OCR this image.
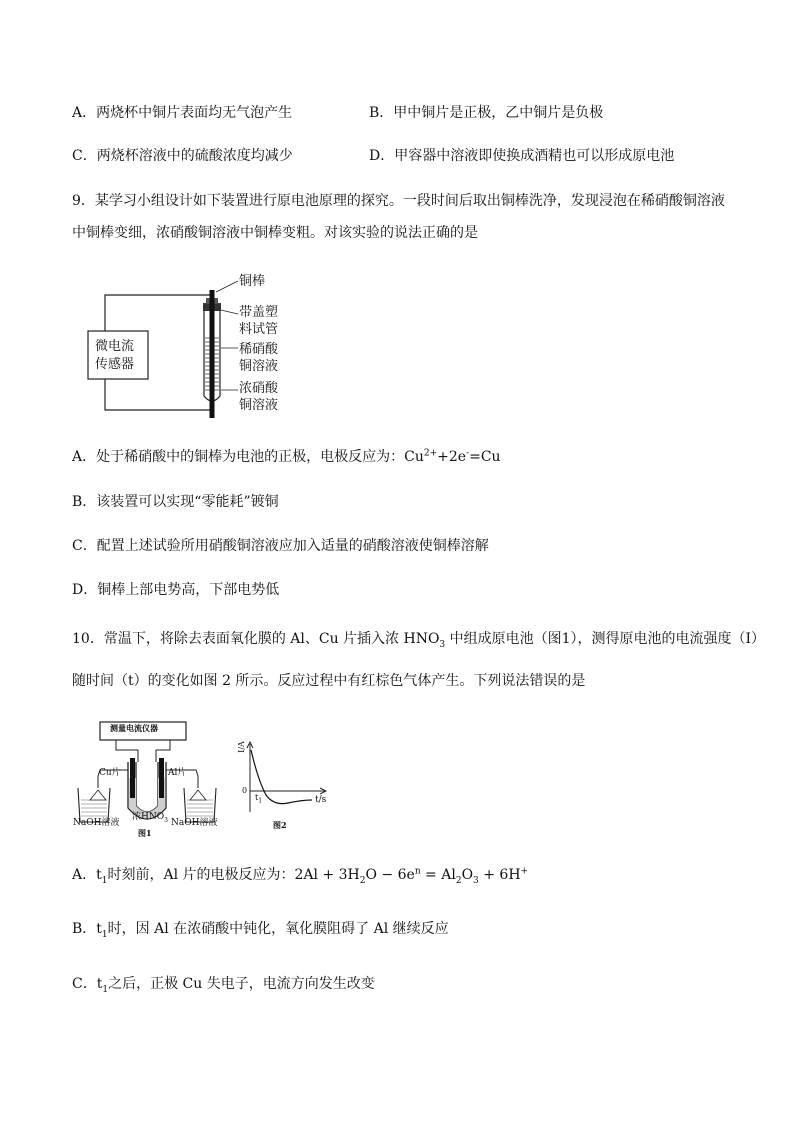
A．两烧杯中铜片表面均无气泡产生	B．甲中铜片是正极，乙中铜片是负极
C．两烧杯溶液中的硫酸浓度均减少	D．甲容器中溶液即使换成酒精也可以形成原电池
9．某学习小组设计如下装置进行原电池原理的探究。一段时间后取出铜棒洗净，发现浸泡在稀硝酸铜溶液
中铜棒变细，浓硝酸铜溶液中铜棒变粗。对该实验的说法正确的是
微电流
传感器
铜棒
带盖塑
料试管
稀硝酸
铜溶液
浓硝酸
铜溶液
A．处于稀硝酸中的铜棒为电池的正极，电极反应为：$Cu^{2+}+2e^-=Cu$
B．该装置可以实现“零能耗”镀铜
C．配置上述试验所用硝酸铜溶液应加入适量的硝酸溶液使铜棒溶解
D．铜棒上部电势高，下部电势低
10．常温下，将除去表面氧化膜的 Al、Cu 片插入浓 $HNO_3$ 中组成原电池（图1），测得原电池的电流强度（I）
随时间（t）的变化如图 2 所示。反应过程中有红棕色气体产生。下列说法错误的是
测量电流仪器
Cu片	Al片
NaOH溶液
浓$HNO_3$ NaOH溶液
图1
I/A
0
$t_1$	t/s
图2
A．$t_1$时刻前，Al 片的电极反应为：$2Al + 3H_2O - 6e^n = Al_2O_3 + 6H^+$
B．$t_1$时，因 Al 在浓硝酸中钝化，氧化膜阻碍了 Al 继续反应
C．$t_1$之后，正极 Cu 失电子，电流方向发生改变
